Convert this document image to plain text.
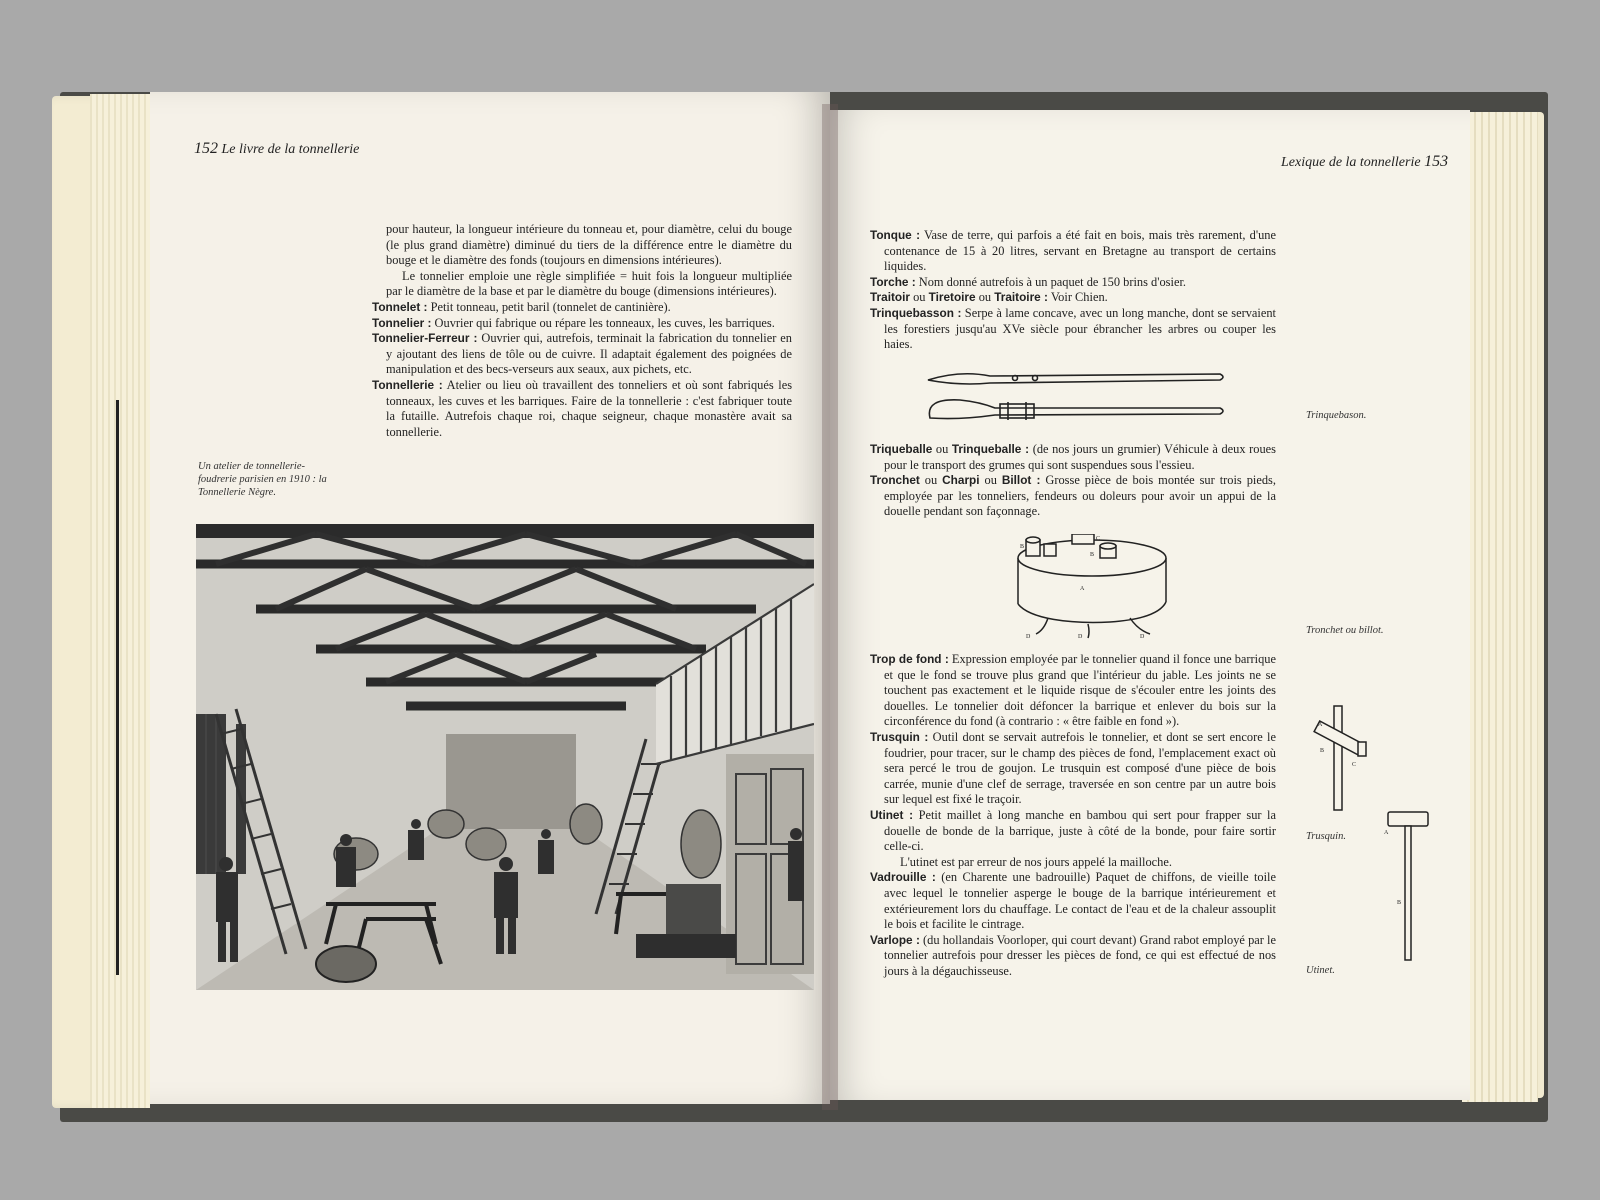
152 Le livre de la tonnellerie

pour hauteur, la longueur intérieure du tonneau et, pour diamètre, celui du bouge (le plus grand diamètre) diminué du tiers de la différence entre le diamètre du bouge et le diamètre des fonds (toujours en dimensions intérieures).

Le tonnelier emploie une règle simplifiée = huit fois la longueur multipliée par le diamètre de la base et par le diamètre du bouge (dimensions intérieures).

Tonnelet : Petit tonneau, petit baril (tonnelet de cantinière).

Tonnelier : Ouvrier qui fabrique ou répare les tonneaux, les cuves, les barriques.

Tonnelier-Ferreur : Ouvrier qui, autrefois, terminait la fabrication du tonnelier en y ajoutant des liens de tôle ou de cuivre. Il adaptait également des poignées de manipulation et des becs-verseurs aux seaux, aux pichets, etc.

Tonnellerie : Atelier ou lieu où travaillent des tonneliers et où sont fabriqués les tonneaux, les cuves et les barriques. Faire de la tonnellerie : c'est fabriquer toute la futaille. Autrefois chaque roi, chaque seigneur, chaque monastère avait sa tonnellerie.

Un atelier de tonnellerie-foudrerie parisien en 1910 : la Tonnellerie Nègre.
Lexique de la tonnellerie 153

Tonque : Vase de terre, qui parfois a été fait en bois, mais très rarement, d'une contenance de 15 à 20 litres, servant en Bretagne au transport de certains liquides.

Torche : Nom donné autrefois à un paquet de 150 brins d'osier.

Traitoir ou Tiretoire ou Traitoire : Voir Chien.

Trinquebasson : Serpe à lame concave, avec un long manche, dont se servaient les forestiers jusqu'au XVe siècle pour ébrancher les arbres ou couper les haies.

Trinquebason.

Triqueballe ou Trinqueballe : (de nos jours un grumier) Véhicule à deux roues pour le transport des grumes qui sont suspendues sous l'essieu.

Tronchet ou Charpi ou Billot : Grosse pièce de bois montée sur trois pieds, employée par les tonneliers, fendeurs ou doleurs pour avoir un appui de la douelle pendant son façonnage.

C
B
B
A
D	D	D
Tronchet ou billot.

Trop de fond : Expression employée par le tonnelier quand il fonce une barrique et que le fond se trouve plus grand que l'intérieur du jable. Les joints ne se touchent pas exactement et le liquide risque de s'écouler entre les joints des douelles. Le tonnelier doit défoncer la barrique et enlever du bois sur la circonférence du fond (à contrario : « être faible en fond »).

Trusquin : Outil dont se servait autrefois le tonnelier, et dont se sert encore le foudrier, pour tracer, sur le champ des pièces de fond, l'emplacement exact où sera percé le trou de goujon. Le trusquin est composé d'une pièce de bois carrée, munie d'une clef de serrage, traversée en son centre par un autre bois sur lequel est fixé le traçoir.

Utinet : Petit maillet à long manche en bambou qui sert pour frapper sur la douelle de bonde de la barrique, juste à côté de la bonde, pour faire sortir celle-ci.

L'utinet est par erreur de nos jours appelé la mailloche.

Vadrouille : (en Charente une badrouille) Paquet de chiffons, de vieille toile avec lequel le tonnelier asperge le bouge de la barrique intérieurement et extérieurement lors du chauffage. Le contact de l'eau et de la chaleur assouplit le bois et facilite le cintrage.

Varlope : (du hollandais Voorloper, qui court devant) Grand rabot employé par le tonnelier autrefois pour dresser les pièces de fond, ce qui est effectué de nos jours à la dégauchisseuse.

A
B
C
Trusquin.	A
B
Utinet.
